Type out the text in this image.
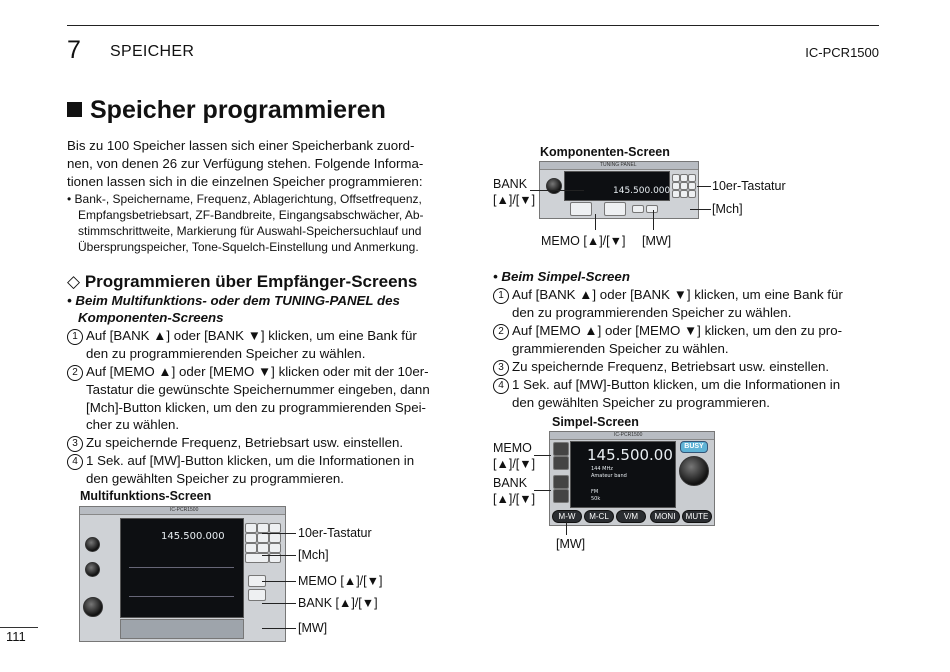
7 SPEICHER	IC-PCR1500
Speicher programmieren
Bis zu 100 Speicher lassen sich einer Speicherbank zuord-
nen, von denen 26 zur Verfügung stehen. Folgende Informa-
tionen lassen sich in die einzelnen Speicher programmieren:
• Bank-, Speichername, Frequenz, Ablagerichtung, Offsetfrequenz,
Empfangsbetriebsart, ZF-Bandbreite, Eingangsabschwächer, Ab-
stimmschrittweite, Markierung für Auswahl-Speichersuchlauf und
Übersprungspeicher, Tone-Squelch-Einstellung und Anmerkung.
◇ Programmieren über Empfänger-Screens
• Beim Multifunktions- oder dem TUNING-PANEL des
Komponenten-Screens
1 Auf [BANK ▲] oder [BANK ▼] klicken, um eine Bank für
den zu programmierenden Speicher zu wählen.
2 Auf [MEMO ▲] oder [MEMO ▼] klicken oder mit der 10er-
Tastatur die gewünschte Speichernummer eingeben, dann
[Mch]-Button klicken, um den zu programmierenden Spei-
cher zu wählen.
3 Zu speichernde Frequenz, Betriebsart usw. einstellen.
4 1 Sek. auf [MW]-Button klicken, um die Informationen in
den gewählten Speicher zu programmieren.
Multifunktions-Screen
IC-PCR1500
145.500.000	10er-Tastatur
[Mch]
MEMO [▲]/[▼]
BANK [▲]/[▼]
[MW]
Komponenten-Screen
TUNING PANEL
145.500.000
BANK
[▲]/[▼]
10er-Tastatur
[Mch]
MEMO [▲]/[▼] [MW]
• Beim Simpel-Screen
1 Auf [BANK ▲] oder [BANK ▼] klicken, um eine Bank für
den zu programmierenden Speicher zu wählen.
2 Auf [MEMO ▲] oder [MEMO ▼] klicken, um den zu pro-
grammierenden Speicher zu wählen.
3 Zu speichernde Frequenz, Betriebsart usw. einstellen.
4 1 Sek. auf [MW]-Button klicken, um die Informationen in
den gewählten Speicher zu programmieren.
Simpel-Screen
IC-PCR1500
145.500.00
144 MHz
Amateur band
FM
50k
BUSY
M-W	M-CL	V/M	MONI	MUTE
MEMO
[▲]/[▼]
BANK
[▲]/[▼]
[MW]
111
